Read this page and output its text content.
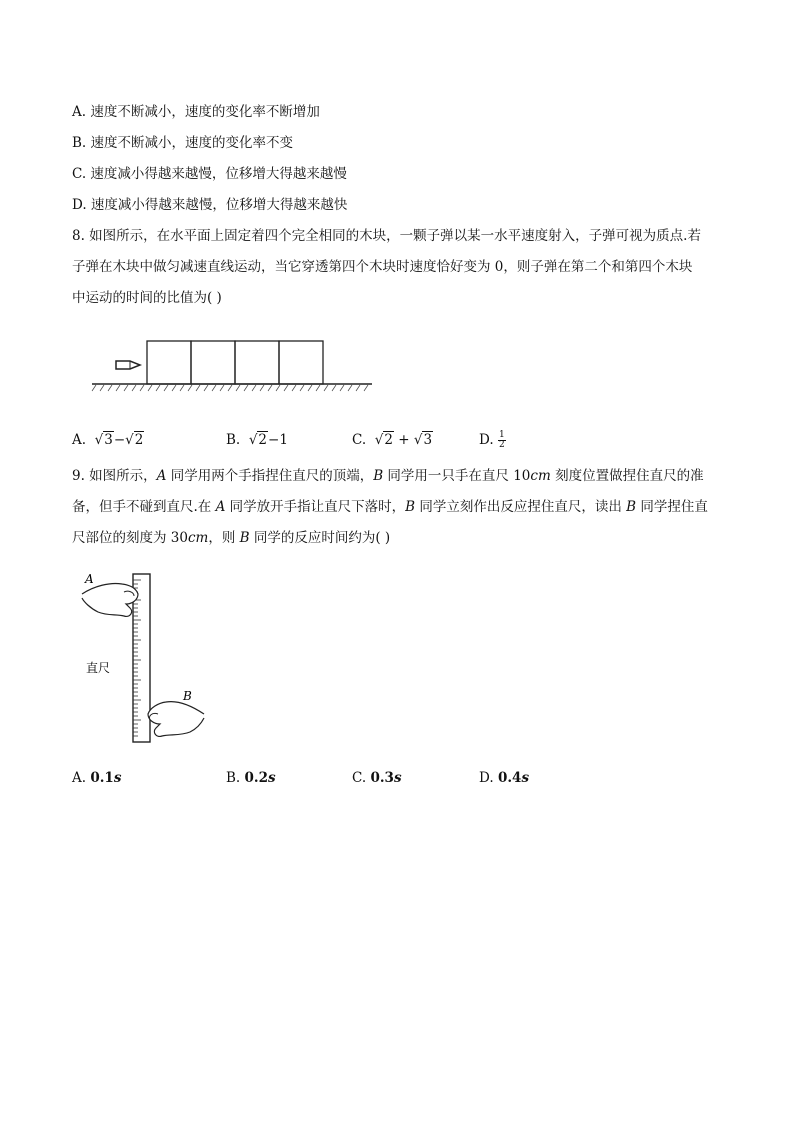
A. 速度不断减小，速度的变化率不断增加
B. 速度不断减小，速度的变化率不变
C. 速度减小得越来越慢，位移增大得越来越慢
D. 速度减小得越来越慢，位移增大得越来越快
8. 如图所示，在水平面上固定着四个完全相同的木块，一颗子弹以某一水平速度射入，子弹可视为质点.若
子弹在木块中做匀减速直线运动，当它穿透第四个木块时速度恰好变为 0，则子弹在第二个和第四个木块
中运动的时间的比值为( )
A. √3−√2	B. √2−1	C. √2 + √3	D. $\frac{1}{2}$
9. 如图所示，A 同学用两个手指捏住直尺的顶端，B 同学用一只手在直尺 10cm 刻度位置做捏住直尺的准
备，但手不碰到直尺.在 A 同学放开手指让直尺下落时，B 同学立刻作出反应捏住直尺，读出 B 同学捏住直
尺部位的刻度为 30cm，则 B 同学的反应时间约为( )
A
B
直尺
A. 0.1s	B. 0.2s	C. 0.3s	D. 0.4s
